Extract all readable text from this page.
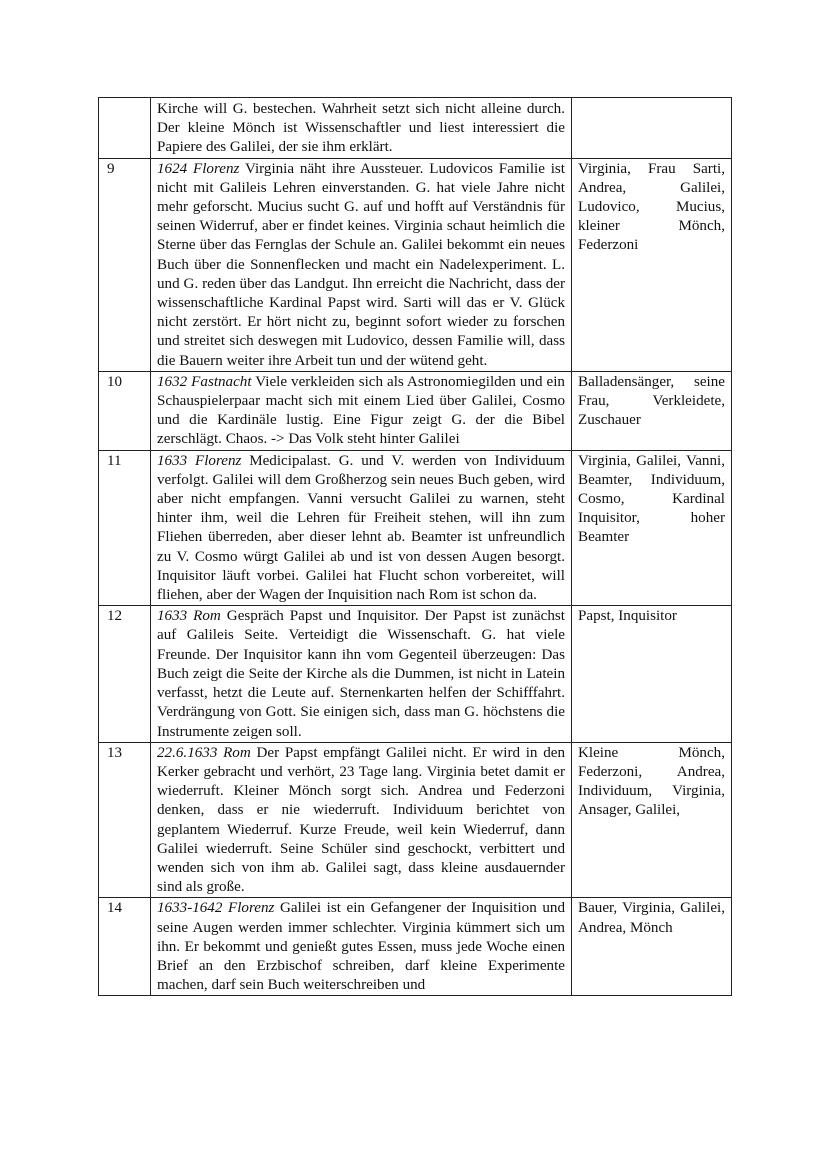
	Kirche will G. bestechen. Wahrheit setzt sich nicht alleine durch. Der kleine Mönch ist Wissenschaftler und liest interessiert die Papiere des Galilei, der sie ihm erklärt.	
9	1624 Florenz Virginia näht ihre Aussteuer. Ludovicos Familie ist nicht mit Galileis Lehren einverstanden. G. hat viele Jahre nicht mehr geforscht. Mucius sucht G. auf und hofft auf Verständnis für seinen Widerruf, aber er findet keines. Virginia schaut heimlich die Sterne über das Fernglas der Schule an. Galilei bekommt ein neues Buch über die Sonnenflecken und macht ein Nadelexperiment. L. und G. reden über das Landgut. Ihn erreicht die Nachricht, dass der wissenschaftliche Kardinal Papst wird. Sarti will das er V. Glück nicht zerstört. Er hört nicht zu, beginnt sofort wieder zu forschen und streitet sich deswegen mit Ludovico, dessen Familie will, dass die Bauern weiter ihre Arbeit tun und der wütend geht.	Virginia, Frau Sarti, Andrea, Galilei, Ludovico, Mucius, kleiner Mönch, Federzoni
10	1632 Fastnacht Viele verkleiden sich als Astronomiegilden und ein Schauspielerpaar macht sich mit einem Lied über Galilei, Cosmo und die Kardinäle lustig. Eine Figur zeigt G. der die Bibel zerschlägt. Chaos. -> Das Volk steht hinter Galilei	Balladensänger, seine Frau, Verkleidete, Zuschauer
11	1633 Florenz Medicipalast. G. und V. werden von Individuum verfolgt. Galilei will dem Großherzog sein neues Buch geben, wird aber nicht empfangen. Vanni versucht Galilei zu warnen, steht hinter ihm, weil die Lehren für Freiheit stehen, will ihn zum Fliehen überreden, aber dieser lehnt ab. Beamter ist unfreundlich zu V. Cosmo würgt Galilei ab und ist von dessen Augen besorgt. Inquisitor läuft vorbei. Galilei hat Flucht schon vorbereitet, will fliehen, aber der Wagen der Inquisition nach Rom ist schon da.	Virginia, Galilei, Vanni, Beamter, Individuum, Cosmo, Kardinal Inquisitor, hoher Beamter
12	1633 Rom Gespräch Papst und Inquisitor. Der Papst ist zunächst auf Galileis Seite. Verteidigt die Wissenschaft. G. hat viele Freunde. Der Inquisitor kann ihn vom Gegenteil überzeugen: Das Buch zeigt die Seite der Kirche als die Dummen, ist nicht in Latein verfasst, hetzt die Leute auf. Sternenkarten helfen der Schifffahrt. Verdrängung von Gott. Sie einigen sich, dass man G. höchstens die Instrumente zeigen soll.	Papst, Inquisitor
13	22.6.1633 Rom Der Papst empfängt Galilei nicht. Er wird in den Kerker gebracht und verhört, 23 Tage lang. Virginia betet damit er wiederruft. Kleiner Mönch sorgt sich. Andrea und Federzoni denken, dass er nie wiederruft. Individuum berichtet von geplantem Wiederruf. Kurze Freude, weil kein Wiederruf, dann Galilei wiederruft. Seine Schüler sind geschockt, verbittert und wenden sich von ihm ab. Galilei sagt, dass kleine ausdauernder sind als große.	Kleine Mönch, Federzoni, Andrea, Individuum, Virginia, Ansager, Galilei,
14	1633-1642 Florenz Galilei ist ein Gefangener der Inquisition und seine Augen werden immer schlechter. Virginia kümmert sich um ihn. Er bekommt und genießt gutes Essen, muss jede Woche einen Brief an den Erzbischof schreiben, darf kleine Experimente machen, darf sein Buch weiterschreiben und	Bauer, Virginia, Galilei, Andrea, Mönch
